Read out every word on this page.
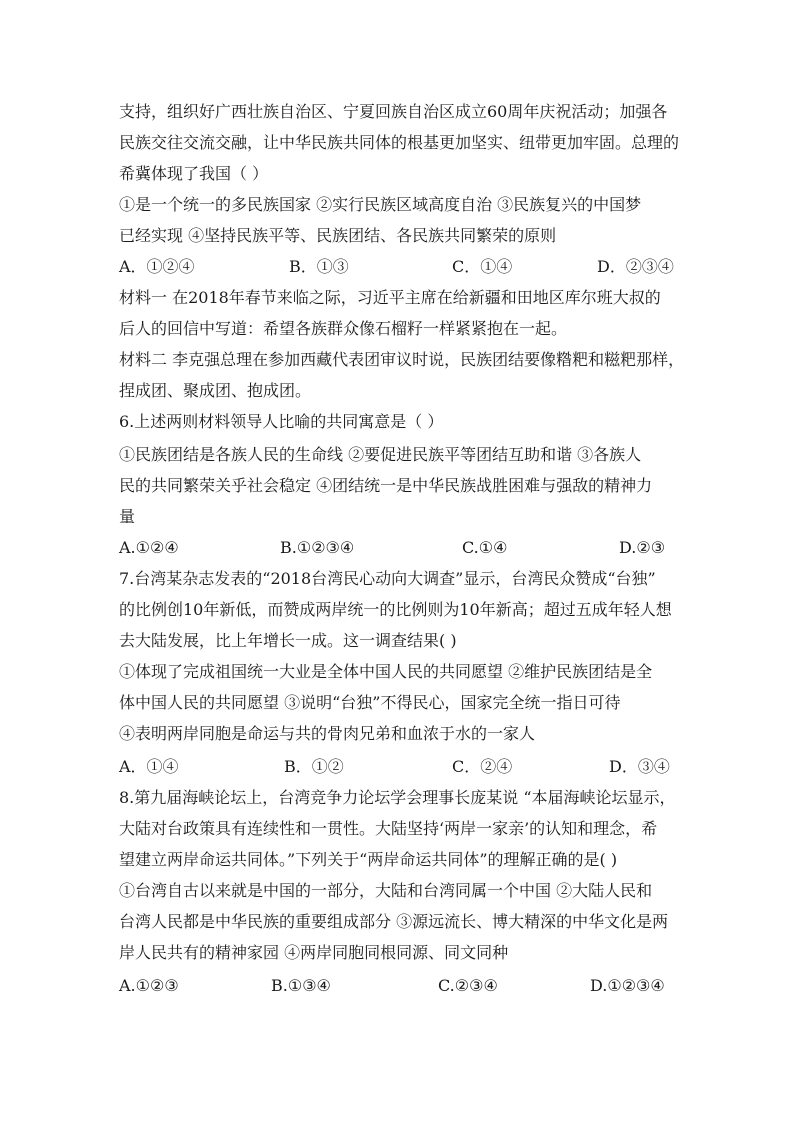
支持，组织好广西壮族自治区、宁夏回族自治区成立60周年庆祝活动；加强各
民族交往交流交融，让中华民族共同体的根基更加坚实、纽带更加牢固。总理的
希冀体现了我国（ ）
①是一个统一的多民族国家 ②实行民族区域高度自治 ③民族复兴的中国梦
已经实现 ④坚持民族平等、民族团结、各民族共同繁荣的原则
A．①②④	B．①③	C．①④	D．②③④
材料一 在2018年春节来临之际，习近平主席在给新疆和田地区库尔班大叔的
后人的回信中写道：希望各族群众像石榴籽一样紧紧抱在一起。
材料二 李克强总理在参加西藏代表团审议时说，民族团结要像糌粑和糍粑那样，
捏成团、聚成团、抱成团。
6.上述两则材料领导人比喻的共同寓意是（ ）
①民族团结是各族人民的生命线 ②要促进民族平等团结互助和谐 ③各族人
民的共同繁荣关乎社会稳定 ④团结统一是中华民族战胜困难与强敌的精神力
量
A.①②④	B.①②③④	C.①④	D.②③
7.台湾某杂志发表的“2018台湾民心动向大调查”显示，台湾民众赞成“台独”
的比例创10年新低，而赞成两岸统一的比例则为10年新高；超过五成年轻人想
去大陆发展，比上年增长一成。这一调查结果( )
①体现了完成祖国统一大业是全体中国人民的共同愿望 ②维护民族团结是全
体中国人民的共同愿望 ③说明“台独”不得民心，国家完全统一指日可待
④表明两岸同胞是命运与共的骨肉兄弟和血浓于水的一家人
A．①④	B．①②	C．②④	D．③④
8.第九届海峡论坛上，台湾竞争力论坛学会理事长庞某说 “本届海峡论坛显示，
大陆对台政策具有连续性和一贯性。大陆坚持‘两岸一家亲’的认知和理念，希
望建立两岸命运共同体。”下列关于“两岸命运共同体”的理解正确的是( )
①台湾自古以来就是中国的一部分，大陆和台湾同属一个中国 ②大陆人民和
台湾人民都是中华民族的重要组成部分 ③源远流长、博大精深的中华文化是两
岸人民共有的精神家园 ④两岸同胞同根同源、同文同种
A.①②③	B.①③④	C.②③④	D.①②③④
